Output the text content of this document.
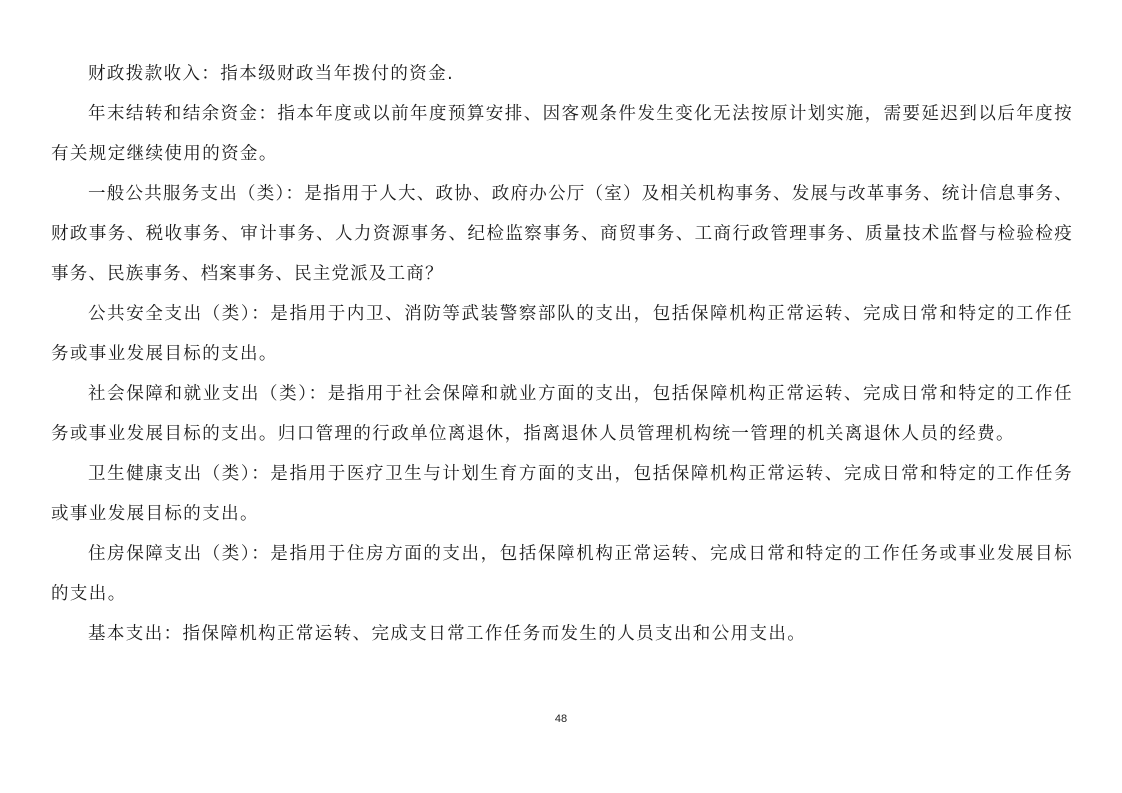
财政拨款收入：指本级财政当年拨付的资金.

年末结转和结余资金：指本年度或以前年度预算安排、因客观条件发生变化无法按原计划实施，需要延迟到以后年度按有关规定继续使用的资金。

一般公共服务支出（类）：是指用于人大、政协、政府办公厅（室）及相关机构事务、发展与改革事务、统计信息事务、财政事务、税收事务、审计事务、人力资源事务、纪检监察事务、商贸事务、工商行政管理事务、质量技术监督与检验检疫事务、民族事务、档案事务、民主党派及工商？

公共安全支出（类）：是指用于内卫、消防等武装警察部队的支出，包括保障机构正常运转、完成日常和特定的工作任务或事业发展目标的支出。

社会保障和就业支出（类）：是指用于社会保障和就业方面的支出，包括保障机构正常运转、完成日常和特定的工作任务或事业发展目标的支出。归口管理的行政单位离退休，指离退休人员管理机构统一管理的机关离退休人员的经费。

卫生健康支出（类）：是指用于医疗卫生与计划生育方面的支出，包括保障机构正常运转、完成日常和特定的工作任务或事业发展目标的支出。

住房保障支出（类）：是指用于住房方面的支出，包括保障机构正常运转、完成日常和特定的工作任务或事业发展目标的支出。

基本支出：指保障机构正常运转、完成支日常工作任务而发生的人员支出和公用支出。

48
